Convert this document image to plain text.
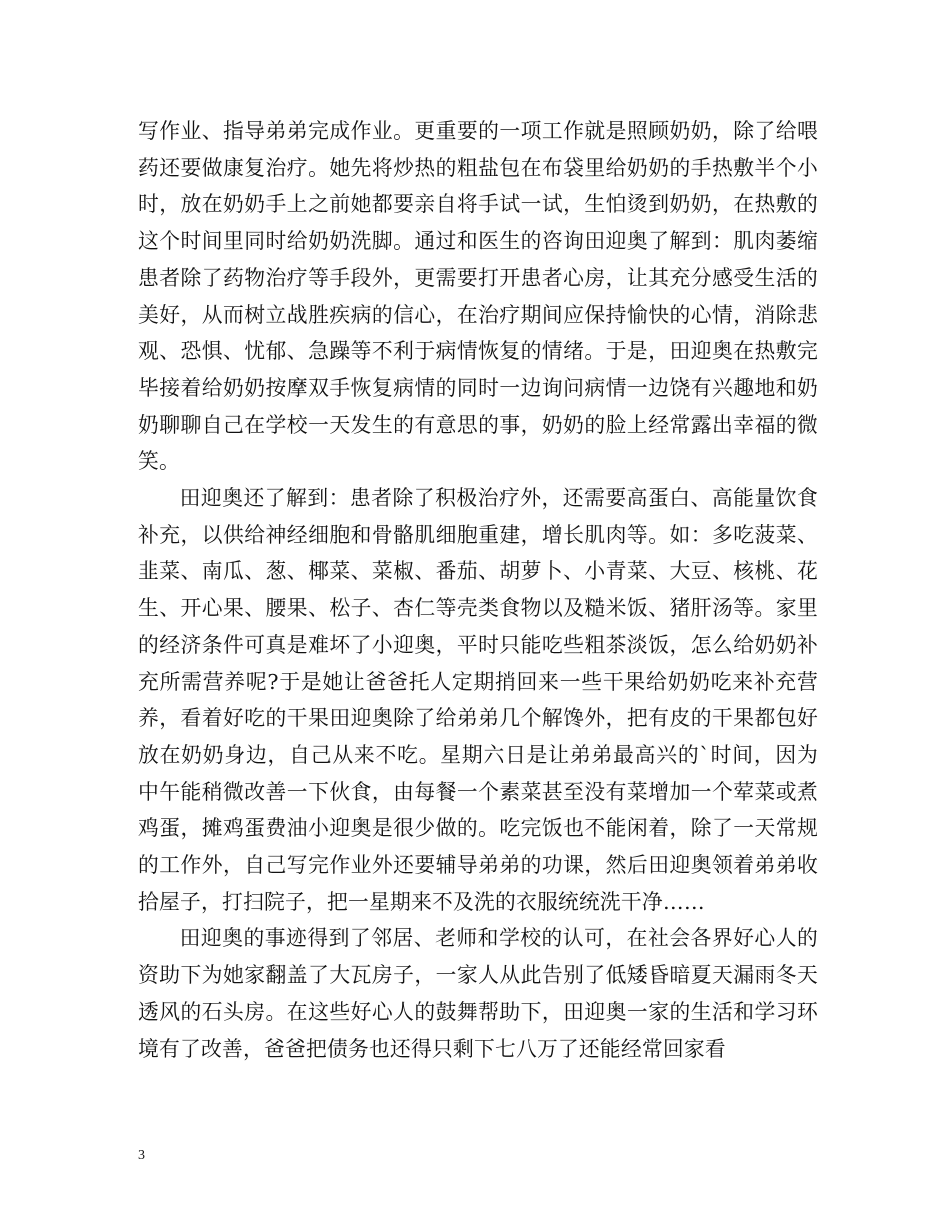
写作业、指导弟弟完成作业。更重要的一项工作就是照顾奶奶，除了给喂药还要做康复治疗。她先将炒热的粗盐包在布袋里给奶奶的手热敷半个小时，放在奶奶手上之前她都要亲自将手试一试，生怕烫到奶奶，在热敷的这个时间里同时给奶奶洗脚。通过和医生的咨询田迎奥了解到：肌肉萎缩患者除了药物治疗等手段外，更需要打开患者心房，让其充分感受生活的美好，从而树立战胜疾病的信心，在治疗期间应保持愉快的心情，消除悲观、恐惧、忧郁、急躁等不利于病情恢复的情绪。于是，田迎奥在热敷完毕接着给奶奶按摩双手恢复病情的同时一边询问病情一边饶有兴趣地和奶奶聊聊自己在学校一天发生的有意思的事，奶奶的脸上经常露出幸福的微笑。

田迎奥还了解到：患者除了积极治疗外，还需要高蛋白、高能量饮食补充，以供给神经细胞和骨骼肌细胞重建，增长肌肉等。如：多吃菠菜、韭菜、南瓜、葱、椰菜、菜椒、番茄、胡萝卜、小青菜、大豆、核桃、花生、开心果、腰果、松子、杏仁等壳类食物以及糙米饭、猪肝汤等。家里的经济条件可真是难坏了小迎奥，平时只能吃些粗茶淡饭，怎么给奶奶补充所需营养呢?于是她让爸爸托人定期捎回来一些干果给奶奶吃来补充营养，看着好吃的干果田迎奥除了给弟弟几个解馋外，把有皮的干果都包好放在奶奶身边，自己从来不吃。星期六日是让弟弟最高兴的`时间，因为中午能稍微改善一下伙食，由每餐一个素菜甚至没有菜增加一个荤菜或煮鸡蛋，摊鸡蛋费油小迎奥是很少做的。吃完饭也不能闲着，除了一天常规的工作外，自己写完作业外还要辅导弟弟的功课，然后田迎奥领着弟弟收拾屋子，打扫院子，把一星期来不及洗的衣服统统洗干净……

田迎奥的事迹得到了邻居、老师和学校的认可，在社会各界好心人的资助下为她家翻盖了大瓦房子，一家人从此告别了低矮昏暗夏天漏雨冬天透风的石头房。在这些好心人的鼓舞帮助下，田迎奥一家的生活和学习环境有了改善，爸爸把债务也还得只剩下七八万了还能经常回家看

3
